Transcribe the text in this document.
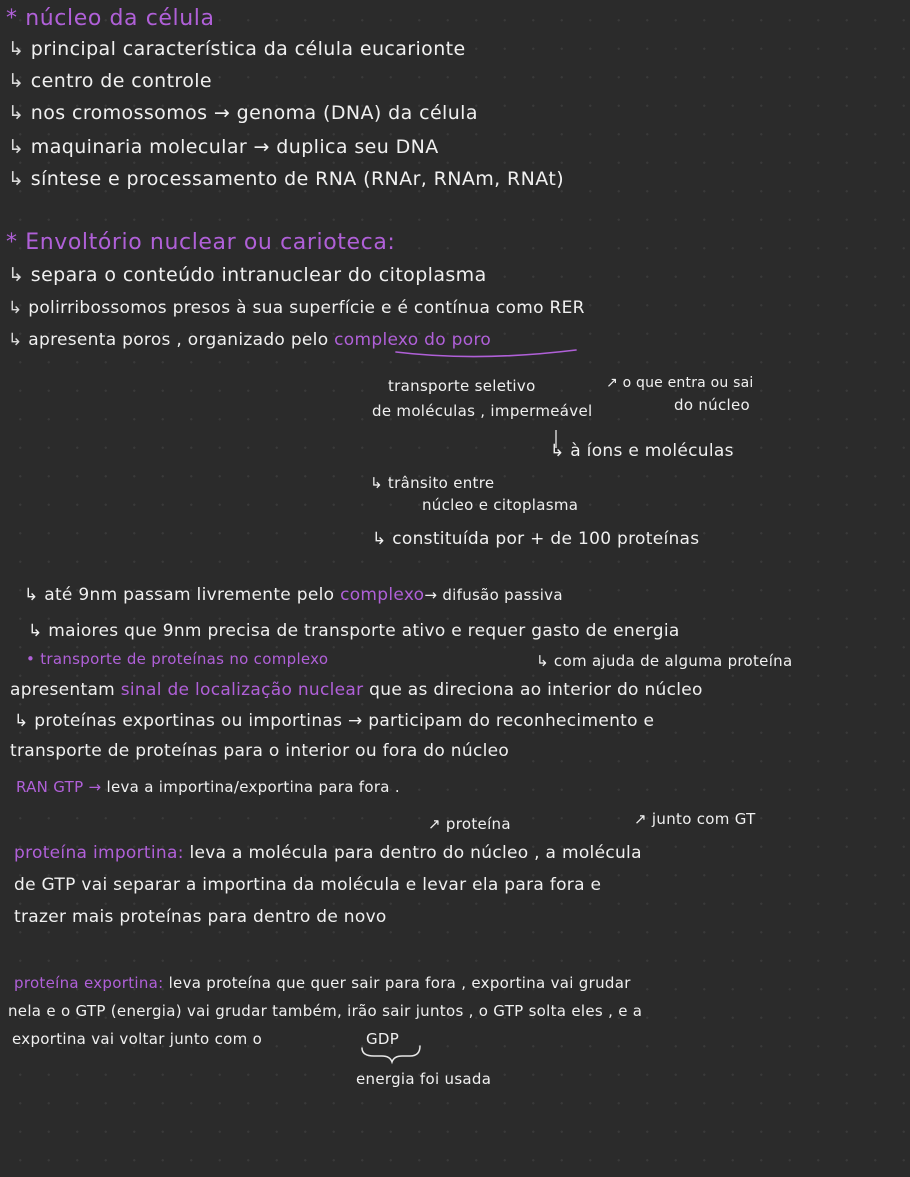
* núcleo da célula
↳ principal característica da célula eucarionte
↳ centro de controle
↳ nos cromossomos → genoma (DNA) da célula
↳ maquinaria molecular → duplica seu DNA
↳ síntese e processamento de RNA (RNAr, RNAm, RNAt)
* Envoltório nuclear ou carioteca:
↳ separa o conteúdo intranuclear do citoplasma
↳ polirribossomos presos à sua superfície e é contínua como RER
↳ apresenta poros , organizado pelo complexo do poro
transporte seletivo
de moléculas , impermeável
↗ o que entra ou sai
do núcleo
↳ à íons e moléculas
↳ trânsito entre
núcleo e citoplasma
↳ constituída por + de 100 proteínas
↳ até 9nm passam livremente pelo complexo→ difusão passiva
↳ maiores que 9nm precisa de transporte ativo e requer gasto de energia
• transporte de proteínas no complexo	↳ com ajuda de alguma proteína
apresentam sinal de localização nuclear que as direciona ao interior do núcleo
↳ proteínas exportinas ou importinas → participam do reconhecimento e
transporte de proteínas para o interior ou fora do núcleo
RAN GTP → leva a importina/exportina para fora .
↗ proteína	↗ junto com GT
proteína importina: leva a molécula para dentro do núcleo , a molécula
de GTP vai separar a importina da molécula e levar ela para fora e
trazer mais proteínas para dentro de novo
proteína exportina: leva proteína que quer sair para fora , exportina vai grudar
nela e o GTP (energia) vai grudar também, irão sair juntos , o GTP solta eles , e a
exportina vai voltar junto com o	GDP
energia foi usada
